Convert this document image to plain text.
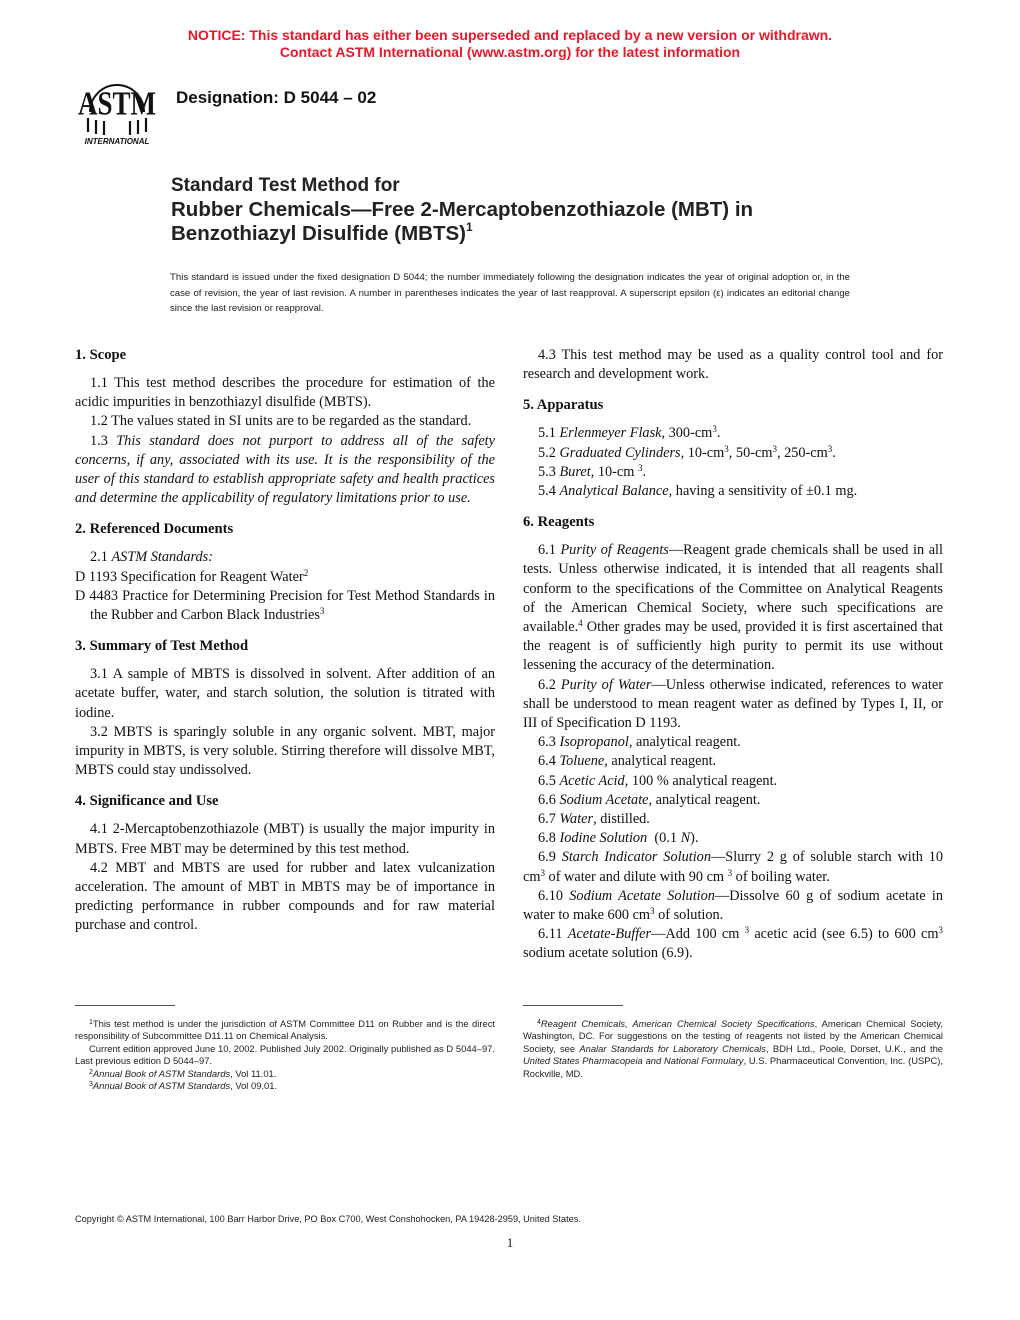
NOTICE: This standard has either been superseded and replaced by a new version or withdrawn.
Contact ASTM International (www.astm.org) for the latest information
ASTM
INTERNATIONAL
Designation: D 5044 – 02
Standard Test Method for
Rubber Chemicals—Free 2-Mercaptobenzothiazole (MBT) in
Benzothiazyl Disulfide (MBTS)$^1$
This standard is issued under the fixed designation D 5044; the number immediately following the designation indicates the year of original adoption or, in the case of revision, the year of last revision. A number in parentheses indicates the year of last reapproval. A superscript epsilon (ε) indicates an editorial change since the last revision or reapproval.
1. Scope

1.1 This test method describes the procedure for estimation of the acidic impurities in benzothiazyl disulfide (MBTS).

1.2 The values stated in SI units are to be regarded as the standard.

1.3 This standard does not purport to address all of the safety concerns, if any, associated with its use. It is the responsibility of the user of this standard to establish appropriate safety and health practices and determine the applicability of regulatory limitations prior to use.

2. Referenced Documents

2.1 ASTM Standards:

D 1193 Specification for Reagent Water$^2$

D 4483 Practice for Determining Precision for Test Method Standards in the Rubber and Carbon Black Industries$^3$

3. Summary of Test Method

3.1 A sample of MBTS is dissolved in solvent. After addition of an acetate buffer, water, and starch solution, the solution is titrated with iodine.

3.2 MBTS is sparingly soluble in any organic solvent. MBT, major impurity in MBTS, is very soluble. Stirring therefore will dissolve MBT, MBTS could stay undissolved.

4. Significance and Use

4.1 2-Mercaptobenzothiazole (MBT) is usually the major impurity in MBTS. Free MBT may be determined by this test method.

4.2 MBT and MBTS are used for rubber and latex vulcanization acceleration. The amount of MBT in MBTS may be of importance in predicting performance in rubber compounds and for raw material purchase and control.

4.3 This test method may be used as a quality control tool and for research and development work.

5. Apparatus

5.1 Erlenmeyer Flask, $300-cm^3$.

5.2 Graduated Cylinders, $10-cm^3$, $50-cm^3$, $250-cm^3$.

5.3 Buret, 10-cm $^3$.

5.4 Analytical Balance, having a sensitivity of ±0.1 mg.

6. Reagents

6.1 Purity of Reagents—Reagent grade chemicals shall be used in all tests. Unless otherwise indicated, it is intended that all reagents shall conform to the specifications of the Committee on Analytical Reagents of the American Chemical Society, where such specifications are available.$^4$ Other grades may be used, provided it is first ascertained that the reagent is of sufficiently high purity to permit its use without lessening the accuracy of the determination.

6.2 Purity of Water—Unless otherwise indicated, references to water shall be understood to mean reagent water as defined by Types I, II, or III of Specification D 1193.

6.3 Isopropanol, analytical reagent.

6.4 Toluene, analytical reagent.

6.5 Acetic Acid, 100 % analytical reagent.

6.6 Sodium Acetate, analytical reagent.

6.7 Water, distilled.

6.8 Iodine Solution  (0.1 N).

6.9 Starch Indicator Solution—Slurry 2 g of soluble starch with 10 $cm^3$ of water and dilute with 90 cm $^3$ of boiling water.

6.10 Sodium Acetate Solution—Dissolve 60 g of sodium acetate in water to make 600 $cm^3$ of solution.

6.11 Acetate-Buffer—Add 100 cm $^3$ acetic acid (see 6.5) to 600 $cm^3$ sodium acetate solution (6.9).

$^1$This test method is under the jurisdiction of ASTM Committee D11 on Rubber and is the direct responsibility of Subcommittee D11.11 on Chemical Analysis.

Current edition approved June 10, 2002. Published July 2002. Originally published as D 5044–97. Last previous edition D 5044–97.

$^2$Annual Book of ASTM Standards, Vol 11.01.

$^3$Annual Book of ASTM Standards, Vol 09.01.

$^4$Reagent Chemicals, American Chemical Society Specifications, American Chemical Society, Washington, DC. For suggestions on the testing of reagents not listed by the American Chemical Society, see Analar Standards for Laboratory Chemicals, BDH Ltd., Poole, Dorset, U.K., and the United States Pharmacopeia and National Formulary, U.S. Pharmaceutical Convention, Inc. (USPC), Rockville, MD.

Copyright © ASTM International, 100 Barr Harbor Drive, PO Box C700, West Conshohocken, PA 19428-2959, United States.
1
